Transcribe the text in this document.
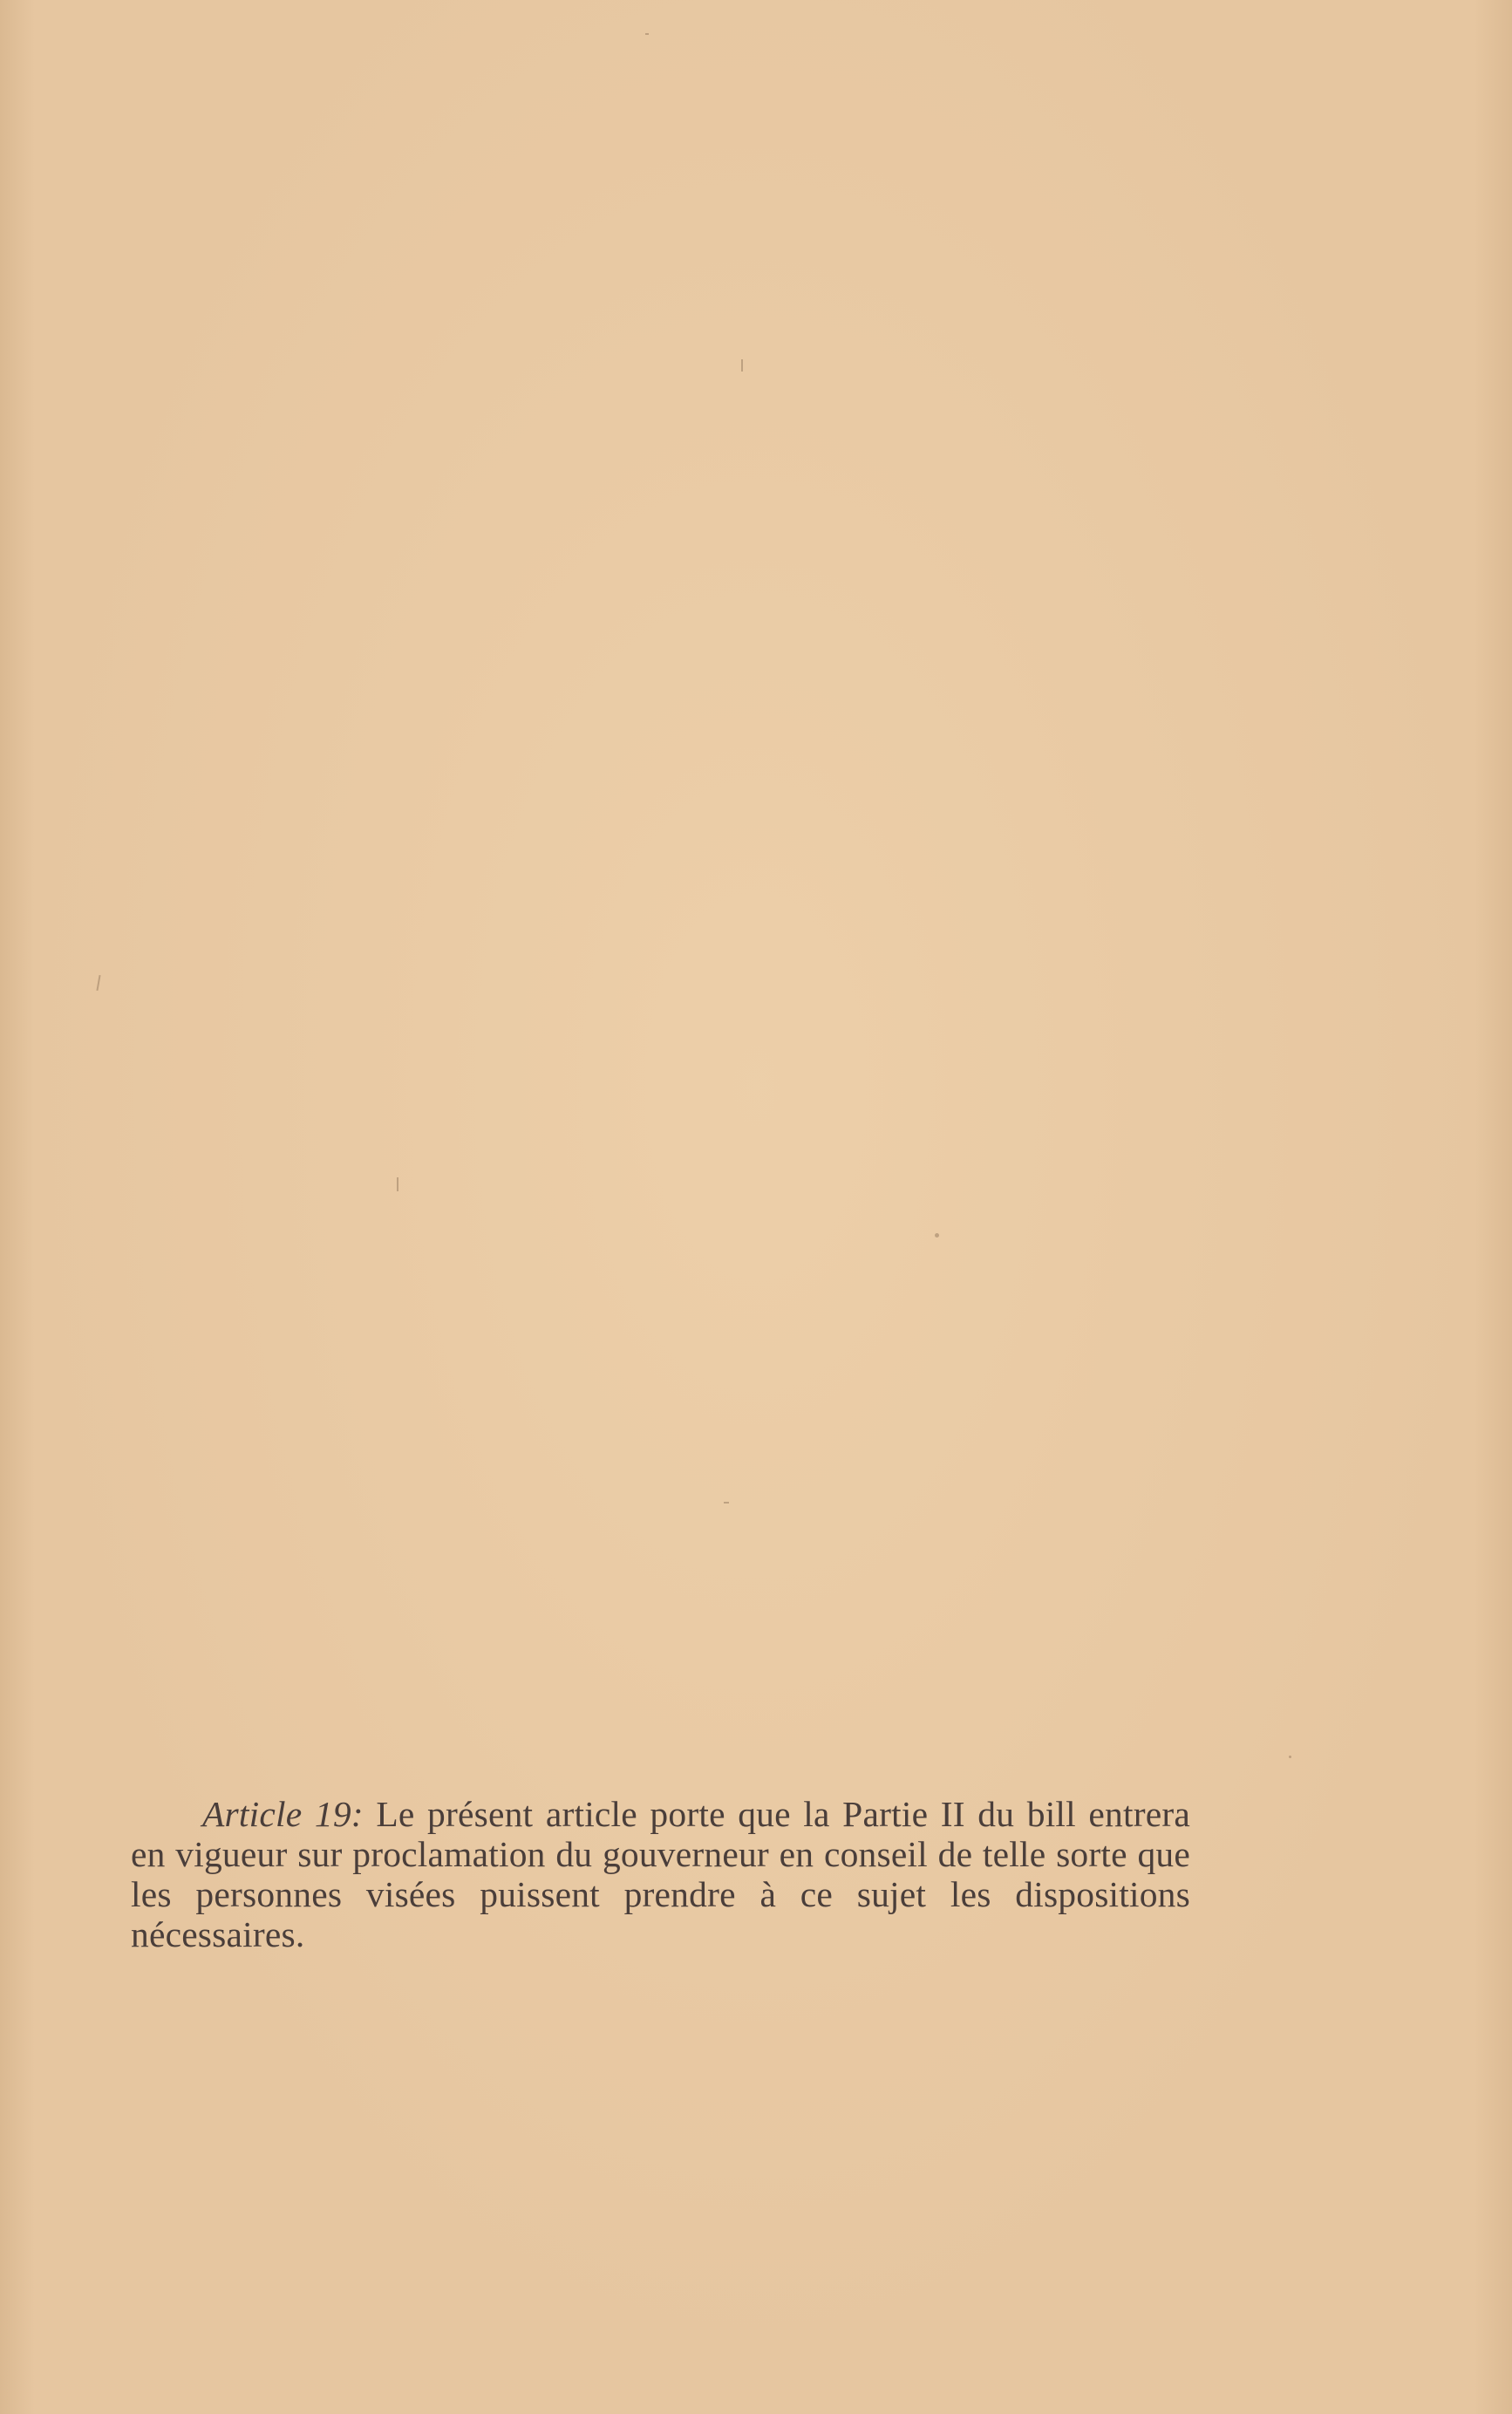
Article 19: Le présent article porte que la Partie II du bill entrera en vigueur sur proclamation du gouverneur en conseil de telle sorte que les personnes visées puissent prendre à ce sujet les dispositions nécessaires.
